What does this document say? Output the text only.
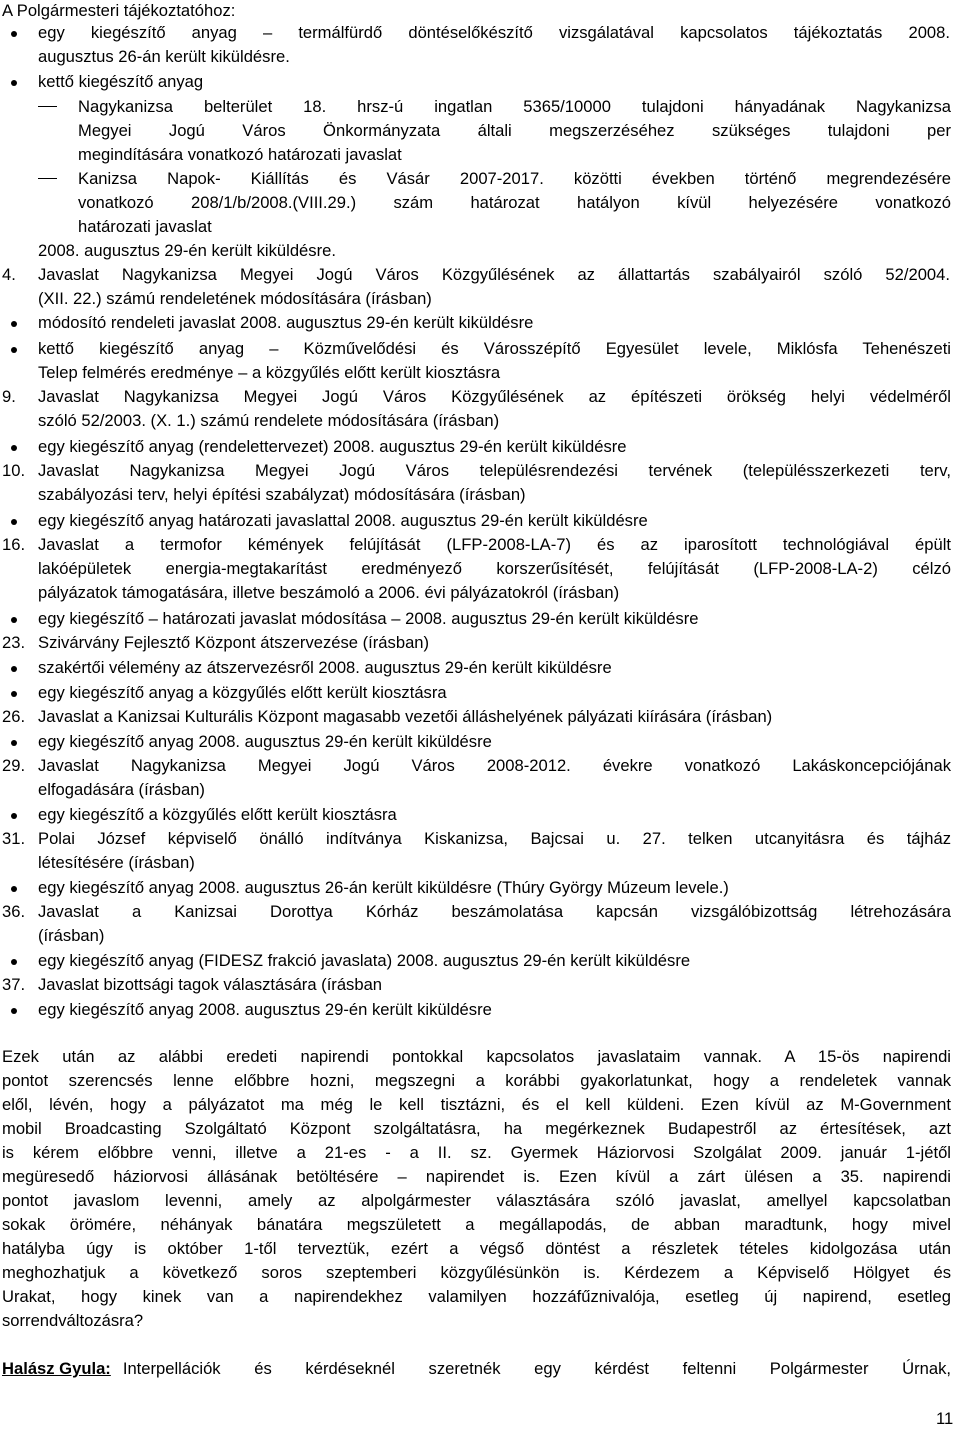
A Polgármesteri tájékoztatóhoz:
egy kiegészítő anyag – termálfürdő döntéselőkészítő vizsgálatával kapcsolatos tájékoztatás 2008.
augusztus 26-án került kiküldésre.
kettő kiegészítő anyag
Nagykanizsa belterület 18. hrsz-ú ingatlan 5365/10000 tulajdoni hányadának Nagykanizsa
Megyei Jogú Város Önkormányzata általi megszerzéséhez szükséges tulajdoni per
megindítására vonatkozó határozati javaslat
Kanizsa Napok- Kiállítás és Vásár 2007-2017. közötti években történő megrendezésére
vonatkozó 208/1/b/2008.(VIII.29.) szám határozat hatályon kívül helyezésére vonatkozó
határozati javaslat
2008. augusztus 29-én került kiküldésre.
4. Javaslat Nagykanizsa Megyei Jogú Város Közgyűlésének az állattartás szabályairól szóló 52/2004.
(XII. 22.) számú rendeletének módosítására (írásban)
módosító rendeleti javaslat 2008. augusztus 29-én került kiküldésre
kettő kiegészítő anyag – Közművelődési és Városszépítő Egyesület levele, Miklósfa Tehenészeti
Telep felmérés eredménye – a közgyűlés előtt került kiosztásra
9. Javaslat Nagykanizsa Megyei Jogú Város Közgyűlésének az építészeti örökség helyi védelméről
szóló 52/2003. (X. 1.) számú rendelete módosítására (írásban)
egy kiegészítő anyag (rendelettervezet) 2008. augusztus 29-én került kiküldésre
10. Javaslat Nagykanizsa Megyei Jogú Város településrendezési tervének (településszerkezeti terv,
szabályozási terv, helyi építési szabályzat) módosítására (írásban)
egy kiegészítő anyag határozati javaslattal 2008. augusztus 29-én került kiküldésre
16. Javaslat a termofor kémények felújítását (LFP-2008-LA-7) és az iparosított technológiával épült
lakóépületek energia-megtakarítást eredményező korszerűsítését, felújítását (LFP-2008-LA-2) célzó
pályázatok támogatására, illetve beszámoló a 2006. évi pályázatokról (írásban)
egy kiegészítő – határozati javaslat módosítása – 2008. augusztus 29-én került kiküldésre
23. Szivárvány Fejlesztő Központ átszervezése (írásban)
szakértői vélemény az átszervezésről 2008. augusztus 29-én került kiküldésre
egy kiegészítő anyag a közgyűlés előtt került kiosztásra
26. Javaslat a Kanizsai Kulturális Központ magasabb vezetői álláshelyének pályázati kiírására (írásban)
egy kiegészítő anyag 2008. augusztus 29-én került kiküldésre
29. Javaslat Nagykanizsa Megyei Jogú Város 2008-2012. évekre vonatkozó Lakáskoncepciójának
elfogadására (írásban)
egy kiegészítő a közgyűlés előtt került kiosztásra
31. Polai József képviselő önálló indítványa Kiskanizsa, Bajcsai u. 27. telken utcanyitásra és tájház
létesítésére (írásban)
egy kiegészítő anyag 2008. augusztus 26-án került kiküldésre (Thúry György Múzeum levele.)
36. Javaslat a Kanizsai Dorottya Kórház beszámolatása kapcsán vizsgálóbizottság létrehozására
(írásban)
egy kiegészítő anyag (FIDESZ frakció javaslata) 2008. augusztus 29-én került kiküldésre
37. Javaslat bizottsági tagok választására (írásban
egy kiegészítő anyag 2008. augusztus 29-én került kiküldésre
Ezek után az alábbi eredeti napirendi pontokkal kapcsolatos javaslataim vannak. A 15-ös napirendi
pontot szerencsés lenne előbbre hozni, megszegni a korábbi gyakorlatunkat, hogy a rendeletek vannak
elől, lévén, hogy a pályázatot ma még le kell tisztázni, és el kell küldeni. Ezen kívül az M-Government
mobil Broadcasting Szolgáltató Központ szolgáltatásra, ha megérkeznek Budapestről az értesítések, azt
is kérem előbbre venni, illetve a 21-es - a II. sz. Gyermek Háziorvosi Szolgálat 2009. január 1-jétől
megüresedő háziorvosi állásának betöltésére – napirendet is. Ezen kívül a zárt ülésen a 35. napirendi
pontot javaslom levenni, amely az alpolgármester választására szóló javaslat, amellyel kapcsolatban
sokak örömére, néhányak bánatára megszületett a megállapodás, de abban maradtunk, hogy mivel
hatályba úgy is október 1-től terveztük, ezért a végső döntést a részletek tételes kidolgozása után
meghozhatjuk a következő soros szeptemberi közgyűlésünkön is. Kérdezem a Képviselő Hölgyet és
Urakat, hogy kinek van a napirendekhez valamilyen hozzáfűznivalója, esetleg új napirend, esetleg
sorrendváltozásra?
Halász Gyula: Interpellációk és kérdéseknél szeretnék egy kérdést feltenni Polgármester Úrnak,
11
